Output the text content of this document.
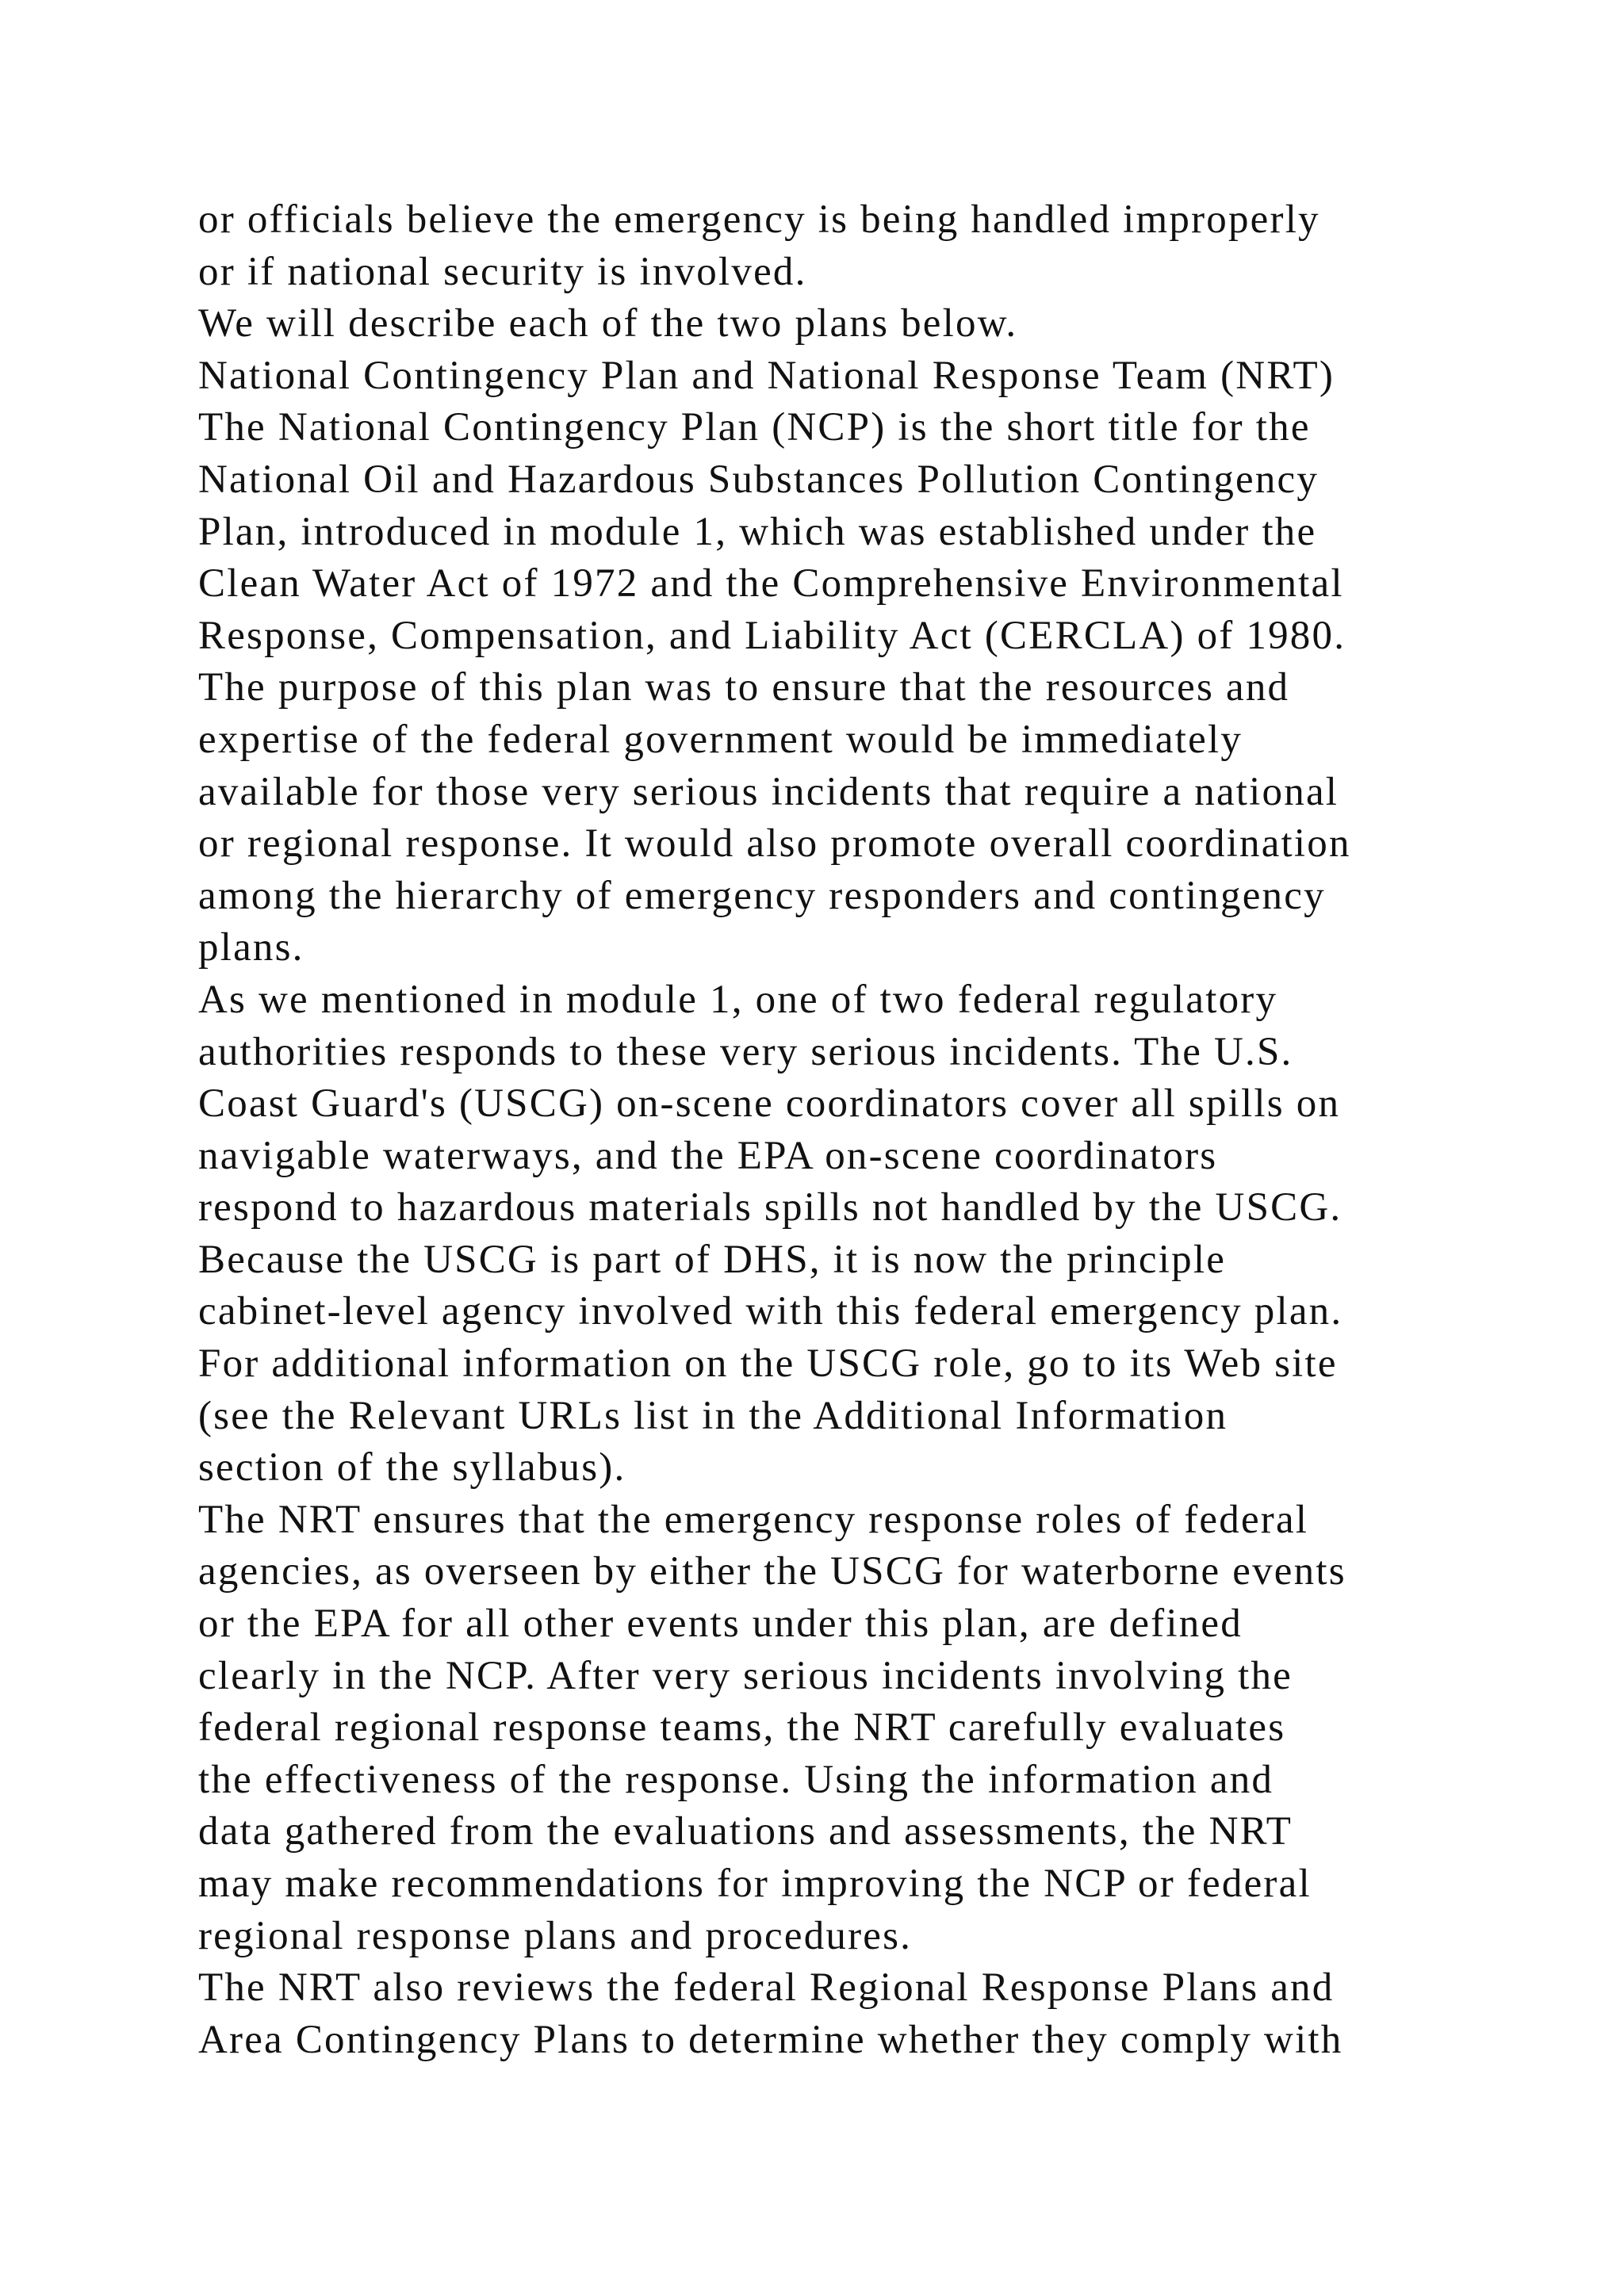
or officials believe the emergency is being handled improperly
or if national security is involved.
We will describe each of the two plans below.
National Contingency Plan and National Response Team (NRT)
The National Contingency Plan (NCP) is the short title for the
National Oil and Hazardous Substances Pollution Contingency
Plan, introduced in module 1, which was established under the
Clean Water Act of 1972 and the Comprehensive Environmental
Response, Compensation, and Liability Act (CERCLA) of 1980.
The purpose of this plan was to ensure that the resources and
expertise of the federal government would be immediately
available for those very serious incidents that require a national
or regional response. It would also promote overall coordination
among the hierarchy of emergency responders and contingency
plans.
As we mentioned in module 1, one of two federal regulatory
authorities responds to these very serious incidents. The U.S.
Coast Guard's (USCG) on-scene coordinators cover all spills on
navigable waterways, and the EPA on-scene coordinators
respond to hazardous materials spills not handled by the USCG.
Because the USCG is part of DHS, it is now the principle
cabinet-level agency involved with this federal emergency plan.
For additional information on the USCG role, go to its Web site
(see the Relevant URLs list in the Additional Information
section of the syllabus).
The NRT ensures that the emergency response roles of federal
agencies, as overseen by either the USCG for waterborne events
or the EPA for all other events under this plan, are defined
clearly in the NCP. After very serious incidents involving the
federal regional response teams, the NRT carefully evaluates
the effectiveness of the response. Using the information and
data gathered from the evaluations and assessments, the NRT
may make recommendations for improving the NCP or federal
regional response plans and procedures.
The NRT also reviews the federal Regional Response Plans and
Area Contingency Plans to determine whether they comply with
